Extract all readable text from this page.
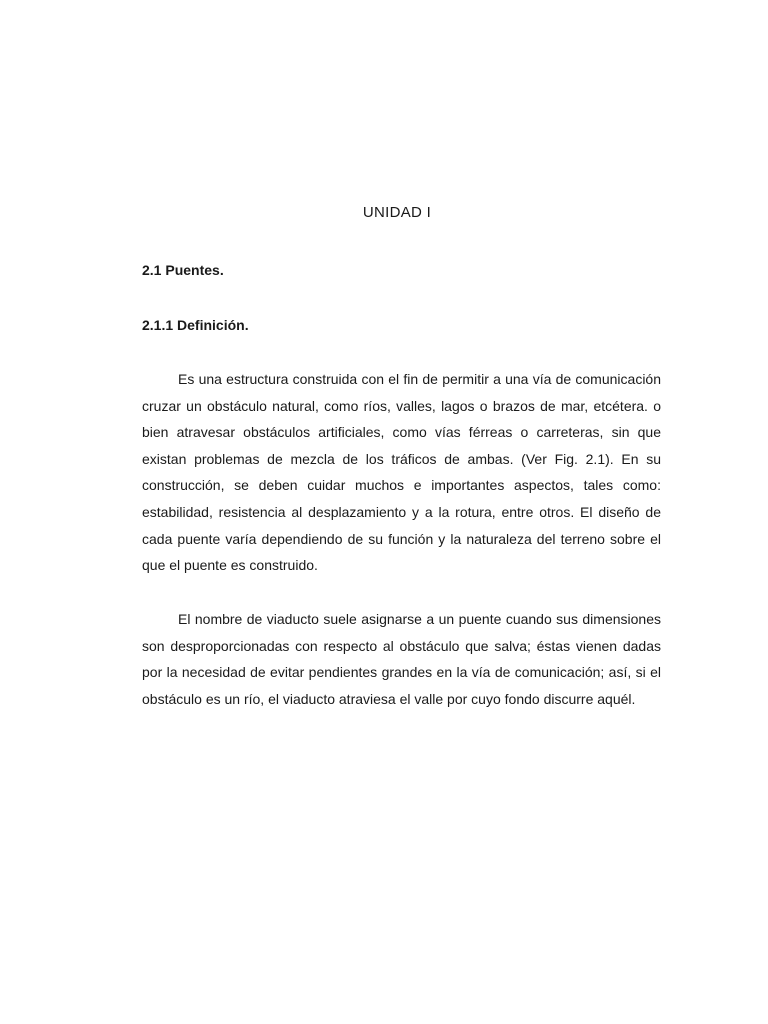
UNIDAD I
2.1 Puentes.
2.1.1 Definición.

Es una estructura construida con el fin de permitir a una vía de comunicación cruzar un obstáculo natural, como ríos, valles, lagos o brazos de mar, etcétera. o bien atravesar obstáculos artificiales, como vías férreas o carreteras, sin que existan problemas de mezcla de los tráficos de ambas. (Ver Fig. 2.1). En su construcción, se deben cuidar muchos e importantes aspectos, tales como: estabilidad, resistencia al desplazamiento y a la rotura, entre otros. El diseño de cada puente varía dependiendo de su función y la naturaleza del terreno sobre el que el puente es construido.

El nombre de viaducto suele asignarse a un puente cuando sus dimensiones son desproporcionadas con respecto al obstáculo que salva; éstas vienen dadas por la necesidad de evitar pendientes grandes en la vía de comunicación; así, si el obstáculo es un río, el viaducto atraviesa el valle por cuyo fondo discurre aquél.
